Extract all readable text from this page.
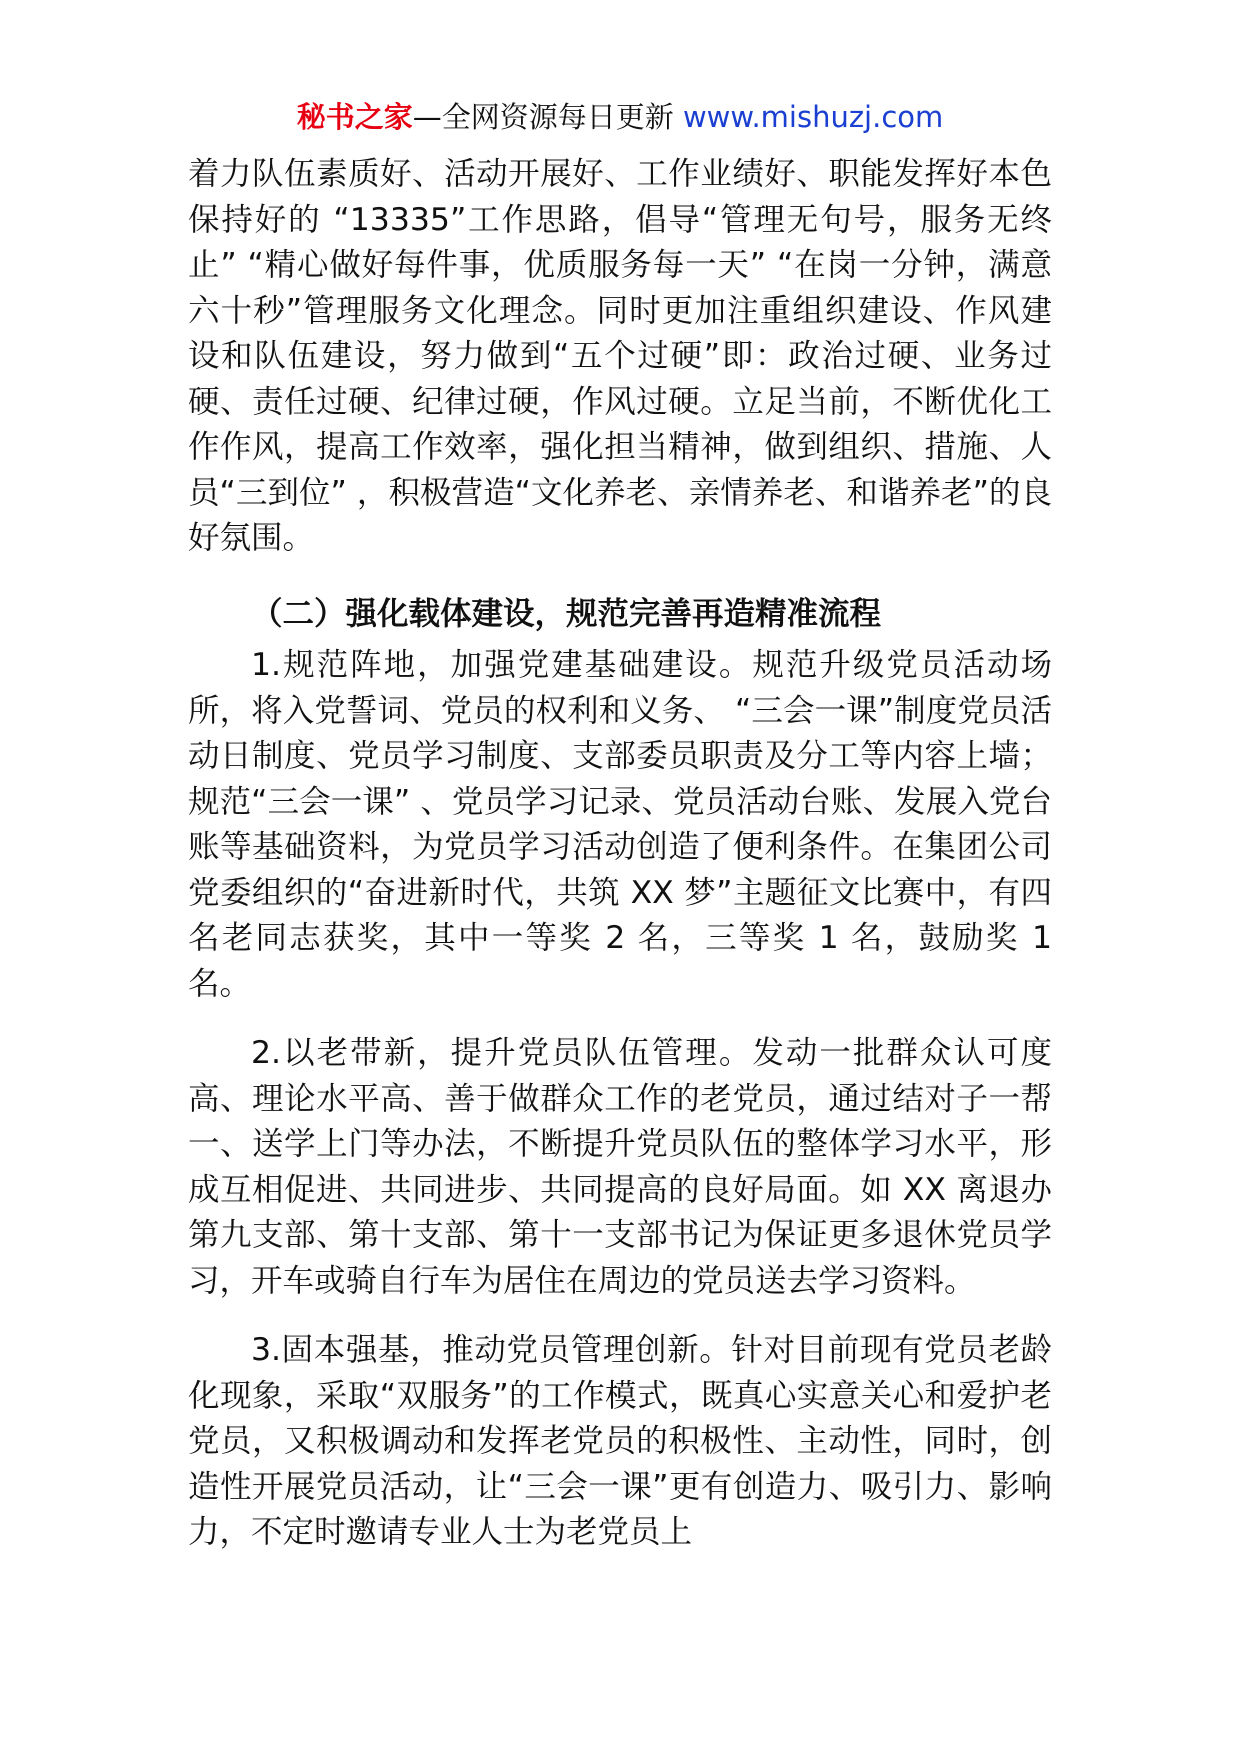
秘书之家—全网资源每日更新 www.mishuzj.com

着力队伍素质好、活动开展好、工作业绩好、职能发挥好本色保持好的 “13335”工作思路，倡导“管理无句号，服务无终止” “精心做好每件事，优质服务每一天” “在岗一分钟，满意六十秒”管理服务文化理念。同时更加注重组织建设、作风建设和队伍建设，努力做到“五个过硬”即：政治过硬、业务过硬、责任过硬、纪律过硬，作风过硬。立足当前，不断优化工作作风，提高工作效率，强化担当精神，做到组织、措施、人员“三到位” ，积极营造“文化养老、亲情养老、和谐养老”的良好氛围。

（二）强化载体建设，规范完善再造精准流程

1.规范阵地，加强党建基础建设。规范升级党员活动场所，将入党誓词、党员的权利和义务、 “三会一课”制度党员活动日制度、党员学习制度、支部委员职责及分工等内容上墙；规范“三会一课” 、党员学习记录、党员活动台账、发展入党台账等基础资料，为党员学习活动创造了便利条件。在集团公司党委组织的“奋进新时代，共筑 XX 梦”主题征文比赛中，有四名老同志获奖，其中一等奖 2 名，三等奖 1 名，鼓励奖 1 名。

2.以老带新，提升党员队伍管理。发动一批群众认可度高、理论水平高、善于做群众工作的老党员，通过结对子一帮一、送学上门等办法，不断提升党员队伍的整体学习水平，形成互相促进、共同进步、共同提高的良好局面。如 XX 离退办第九支部、第十支部、第十一支部书记为保证更多退休党员学习，开车或骑自行车为居住在周边的党员送去学习资料。

3.固本强基，推动党员管理创新。针对目前现有党员老龄化现象，采取“双服务”的工作模式，既真心实意关心和爱护老党员，又积极调动和发挥老党员的积极性、主动性，同时，创造性开展党员活动，让“三会一课”更有创造力、吸引力、影响力，不定时邀请专业人士为老党员上
